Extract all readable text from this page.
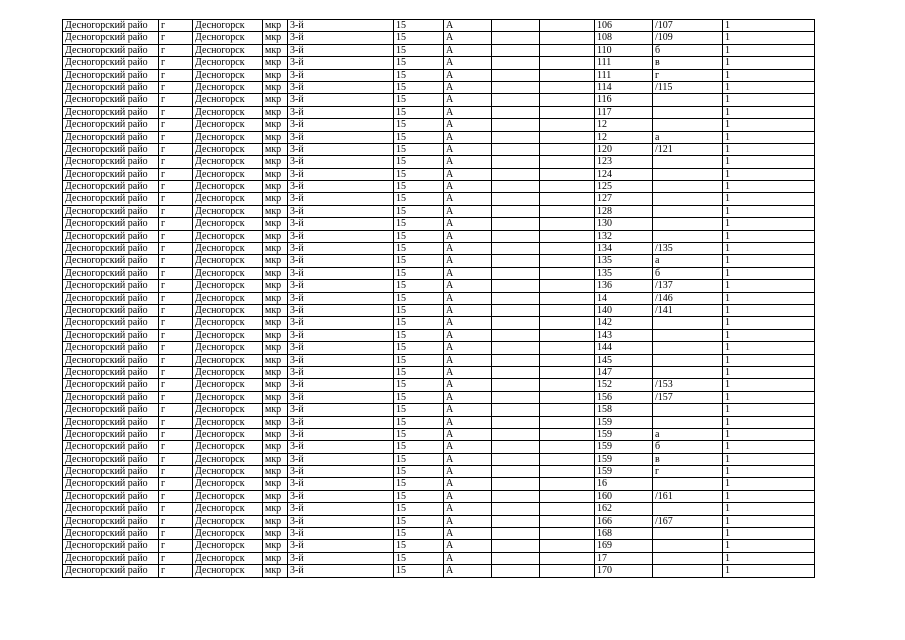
Десногорский райо	г	Десногорск	мкр	3-й	15	А			106	/107	1
Десногорский райо	г	Десногорск	мкр	3-й	15	А			108	/109	1
Десногорский райо	г	Десногорск	мкр	3-й	15	А			110	б	1
Десногорский райо	г	Десногорск	мкр	3-й	15	А			111	в	1
Десногорский райо	г	Десногорск	мкр	3-й	15	А			111	г	1
Десногорский райо	г	Десногорск	мкр	3-й	15	А			114	/115	1
Десногорский райо	г	Десногорск	мкр	3-й	15	А			116		1
Десногорский райо	г	Десногорск	мкр	3-й	15	А			117		1
Десногорский райо	г	Десногорск	мкр	3-й	15	А			12		1
Десногорский райо	г	Десногорск	мкр	3-й	15	А			12	а	1
Десногорский райо	г	Десногорск	мкр	3-й	15	А			120	/121	1
Десногорский райо	г	Десногорск	мкр	3-й	15	А			123		1
Десногорский райо	г	Десногорск	мкр	3-й	15	А			124		1
Десногорский райо	г	Десногорск	мкр	3-й	15	А			125		1
Десногорский райо	г	Десногорск	мкр	3-й	15	А			127		1
Десногорский райо	г	Десногорск	мкр	3-й	15	А			128		1
Десногорский райо	г	Десногорск	мкр	3-й	15	А			130		1
Десногорский райо	г	Десногорск	мкр	3-й	15	А			132		1
Десногорский райо	г	Десногорск	мкр	3-й	15	А			134	/135	1
Десногорский райо	г	Десногорск	мкр	3-й	15	А			135	а	1
Десногорский райо	г	Десногорск	мкр	3-й	15	А			135	б	1
Десногорский райо	г	Десногорск	мкр	3-й	15	А			136	/137	1
Десногорский райо	г	Десногорск	мкр	3-й	15	А			14	/146	1
Десногорский райо	г	Десногорск	мкр	3-й	15	А			140	/141	1
Десногорский райо	г	Десногорск	мкр	3-й	15	А			142		1
Десногорский райо	г	Десногорск	мкр	3-й	15	А			143		1
Десногорский райо	г	Десногорск	мкр	3-й	15	А			144		1
Десногорский райо	г	Десногорск	мкр	3-й	15	А			145		1
Десногорский райо	г	Десногорск	мкр	3-й	15	А			147		1
Десногорский райо	г	Десногорск	мкр	3-й	15	А			152	/153	1
Десногорский райо	г	Десногорск	мкр	3-й	15	А			156	/157	1
Десногорский райо	г	Десногорск	мкр	3-й	15	А			158		1
Десногорский райо	г	Десногорск	мкр	3-й	15	А			159		1
Десногорский райо	г	Десногорск	мкр	3-й	15	А			159	а	1
Десногорский райо	г	Десногорск	мкр	3-й	15	А			159	б	1
Десногорский райо	г	Десногорск	мкр	3-й	15	А			159	в	1
Десногорский райо	г	Десногорск	мкр	3-й	15	А			159	г	1
Десногорский райо	г	Десногорск	мкр	3-й	15	А			16		1
Десногорский райо	г	Десногорск	мкр	3-й	15	А			160	/161	1
Десногорский райо	г	Десногорск	мкр	3-й	15	А			162		1
Десногорский райо	г	Десногорск	мкр	3-й	15	А			166	/167	1
Десногорский райо	г	Десногорск	мкр	3-й	15	А			168		1
Десногорский райо	г	Десногорск	мкр	3-й	15	А			169		1
Десногорский райо	г	Десногорск	мкр	3-й	15	А			17		1
Десногорский райо	г	Десногорск	мкр	3-й	15	А			170		1
